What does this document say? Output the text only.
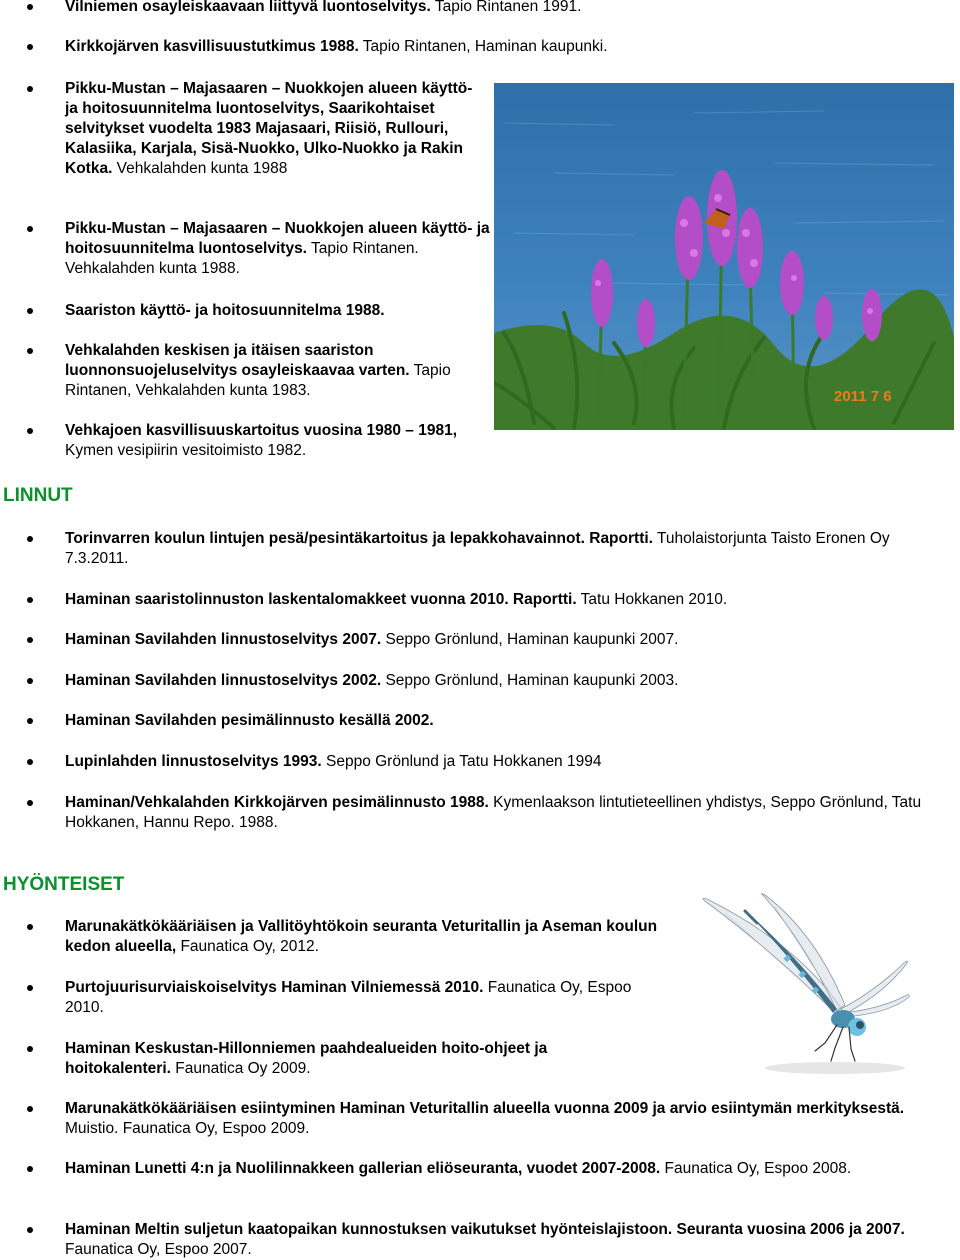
Vilniemen osayleiskaavaan liittyvä luontoselvitys. Tapio Rintanen 1991.
Kirkkojärven kasvillisuustutkimus 1988. Tapio Rintanen, Haminan kaupunki.
Pikku-Mustan – Majasaaren – Nuokkojen alueen käyttö- ja hoitosuunnitelma luontoselvitys, Saarikohtaiset selvitykset vuodelta 1983 Majasaari, Riisiö, Rullouri, Kalasiika, Karjala, Sisä-Nuokko, Ulko-Nuokko ja Rakin Kotka. Vehkalahden kunta 1988
Pikku-Mustan – Majasaaren – Nuokkojen alueen käyttö- ja hoitosuunnitelma luontoselvitys. Tapio Rintanen. Vehkalahden kunta 1988.
Saariston käyttö- ja hoitosuunnitelma 1988.
Vehkalahden keskisen ja itäisen saariston luonnonsuojeluselvitys osayleiskaavaa varten. Tapio Rintanen, Vehkalahden kunta 1983.
Vehkajoen kasvillisuuskartoitus vuosina 1980 – 1981, Kymen vesipiirin vesitoimisto 1982.
2011 7 6
LINNUT
Torinvarren koulun lintujen pesä/pesintäkartoitus ja lepakkohavainnot. Raportti. Tuholaistorjunta Taisto Eronen Oy 7.3.2011.
Haminan saaristolinnuston laskentalomakkeet vuonna 2010. Raportti. Tatu Hokkanen 2010.
Haminan Savilahden linnustoselvitys 2007. Seppo Grönlund, Haminan kaupunki 2007.
Haminan Savilahden linnustoselvitys 2002. Seppo Grönlund, Haminan kaupunki 2003.
Haminan Savilahden pesimälinnusto kesällä 2002.
Lupinlahden linnustoselvitys 1993. Seppo Grönlund ja Tatu Hokkanen 1994
Haminan/Vehkalahden Kirkkojärven pesimälinnusto 1988. Kymenlaakson lintutieteellinen yhdistys, Seppo Grönlund, Tatu Hokkanen, Hannu Repo. 1988.
HYÖNTEISET
Marunakätkökääriäisen ja Vallitöyhtökoin seuranta Veturitallin ja Aseman koulun kedon alueella, Faunatica Oy, 2012.
Purtojuurisurviaiskoiselvitys Haminan Vilniemessä 2010. Faunatica Oy, Espoo 2010.
Haminan Keskustan-Hillonniemen paahdealueiden hoito-ohjeet ja hoitokalenteri. Faunatica Oy 2009.
Marunakätkökääriäisen esiintyminen Haminan Veturitallin alueella vuonna 2009 ja arvio esiintymän merkityksestä. Muistio. Faunatica Oy, Espoo 2009.
Haminan Lunetti 4:n ja Nuolilinnakkeen gallerian eliöseuranta, vuodet 2007-2008. Faunatica Oy, Espoo 2008.
Haminan Meltin suljetun kaatopaikan kunnostuksen vaikutukset hyönteislajistoon. Seuranta vuosina 2006 ja 2007. Faunatica Oy, Espoo 2007.
